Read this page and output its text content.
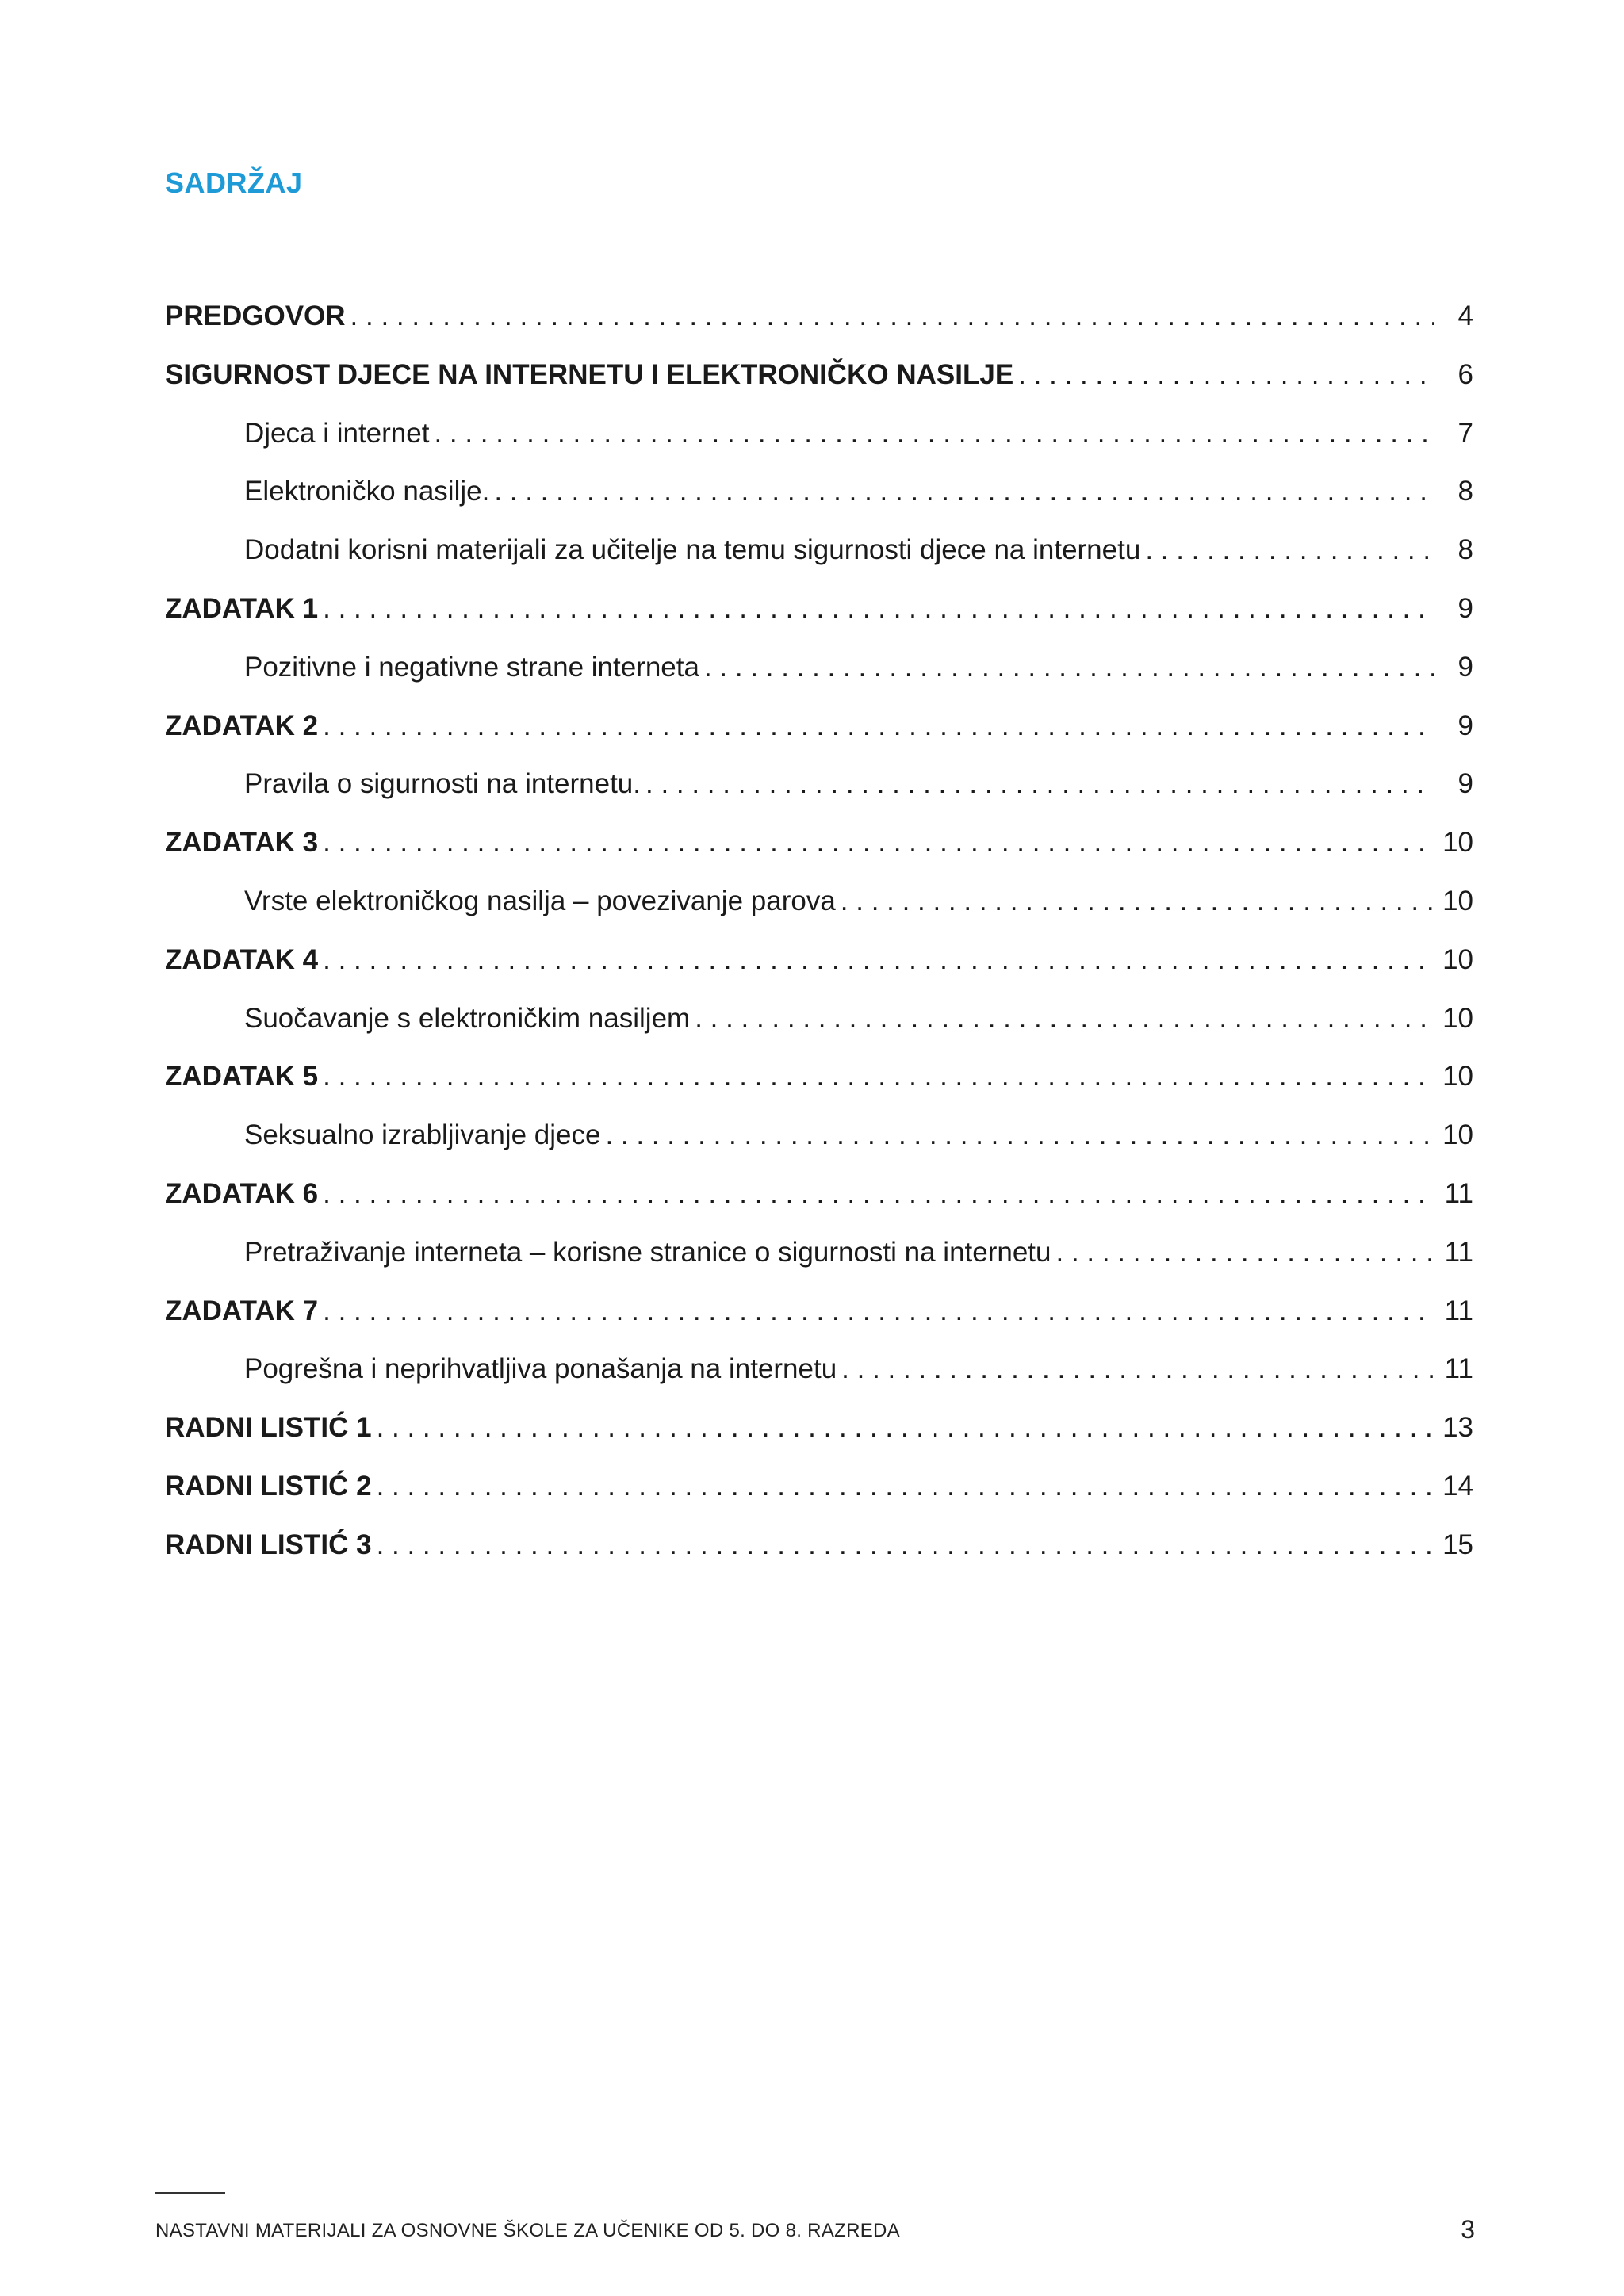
SADRŽAJ
PREDGOVOR . . .	4
SIGURNOST DJECE NA INTERNETU I ELEKTRONIČKO NASILJE . . .	6
Djeca i internet . . .	7
Elektroničko nasilje. . . .	8
Dodatni korisni materijali za učitelje na temu sigurnosti djece na internetu . . .	8
ZADATAK 1 . . .	9
Pozitivne i negativne strane interneta . . .	9
ZADATAK 2 . . .	9
Pravila o sigurnosti na internetu. . . .	9
ZADATAK 3 . . .	10
Vrste elektroničkog nasilja – povezivanje parova . . .	10
ZADATAK 4 . . .	10
Suočavanje s elektroničkim nasiljem . . .	10
ZADATAK 5 . . .	10
Seksualno izrabljivanje djece . . .	10
ZADATAK 6 . . .	11
Pretraživanje interneta – korisne stranice o sigurnosti na internetu . . .	11
ZADATAK 7 . . .	11
Pogrešna i neprihvatljiva ponašanja na internetu . . .	11
RADNI LISTIĆ 1 . . .	13
RADNI LISTIĆ 2 . . .	14
RADNI LISTIĆ 3 . . .	15
NASTAVNI MATERIJALI ZA OSNOVNE ŠKOLE ZA UČENIKE OD 5. DO 8. RAZREDA	3
